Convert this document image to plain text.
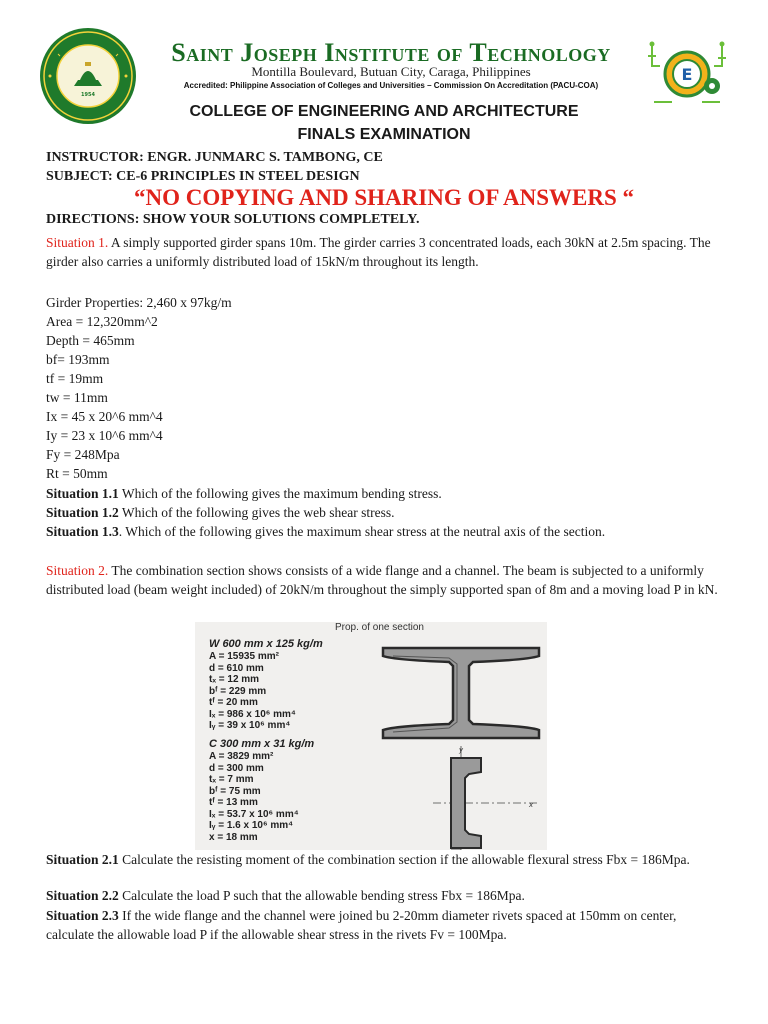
1954
E
Saint Joseph Institute of Technology
Montilla Boulevard, Butuan City, Caraga, Philippines
Accredited: Philippine Association of Colleges and Universities – Commission On Accreditation (PACU-COA)
COLLEGE OF ENGINEERING AND ARCHITECTURE
FINALS EXAMINATION
INSTRUCTOR: ENGR. JUNMARC S. TAMBONG, CE
SUBJECT: CE-6 PRINCIPLES IN STEEL DESIGN
“NO COPYING AND SHARING OF ANSWERS “
DIRECTIONS: SHOW YOUR SOLUTIONS COMPLETELY.
Situation 1. A simply supported girder spans 10m. The girder carries 3 concentrated loads, each 30kN at 2.5m spacing. The girder also carries a uniformly distributed load of 15kN/m throughout its length.
Girder Properties: 2,460 x 97kg/m
Area = 12,320mm^2
Depth = 465mm
bf= 193mm
tf = 19mm
tw = 11mm
Ix = 45 x 20^6 mm^4
Iy = 23 x 10^6 mm^4
Fy = 248Mpa
Rt = 50mm
Situation 1.1 Which of the following gives the maximum bending stress.
Situation 1.2 Which of the following gives the web shear stress.
Situation 1.3. Which of the following gives the maximum shear stress at the neutral axis of the section.
Situation 2. The combination section shows consists of a wide flange and a channel. The beam is subjected to a uniformly distributed load (beam weight included) of 20kN/m throughout the simply supported span of 8m and a moving load P in kN.
Prop. of one section
W 600 mm x 125 kg/m
A = 15935 mm²
d = 610 mm
tₓ = 12 mm
bᶠ = 229 mm
tᶠ = 20 mm
Iₓ = 986 x 10⁶ mm⁴
Iᵧ = 39 x 10⁶ mm⁴
C 300 mm x 31 kg/m
A = 3829 mm²
d = 300 mm
tₓ = 7 mm
bᶠ = 75 mm
tᶠ = 13 mm
Iₓ = 53.7 x 10⁶ mm⁴
Iᵧ = 1.6 x 10⁶ mm⁴
x = 18 mm
y
x
Situation 2.1 Calculate the resisting moment of the combination section if the allowable flexural stress Fbx = 186Mpa.
Situation 2.2 Calculate the load P such that the allowable bending stress Fbx = 186Mpa.
Situation 2.3 If the wide flange and the channel were joined bu 2-20mm diameter rivets spaced at 150mm on center, calculate the allowable load P if the allowable shear stress in the rivets Fv = 100Mpa.
